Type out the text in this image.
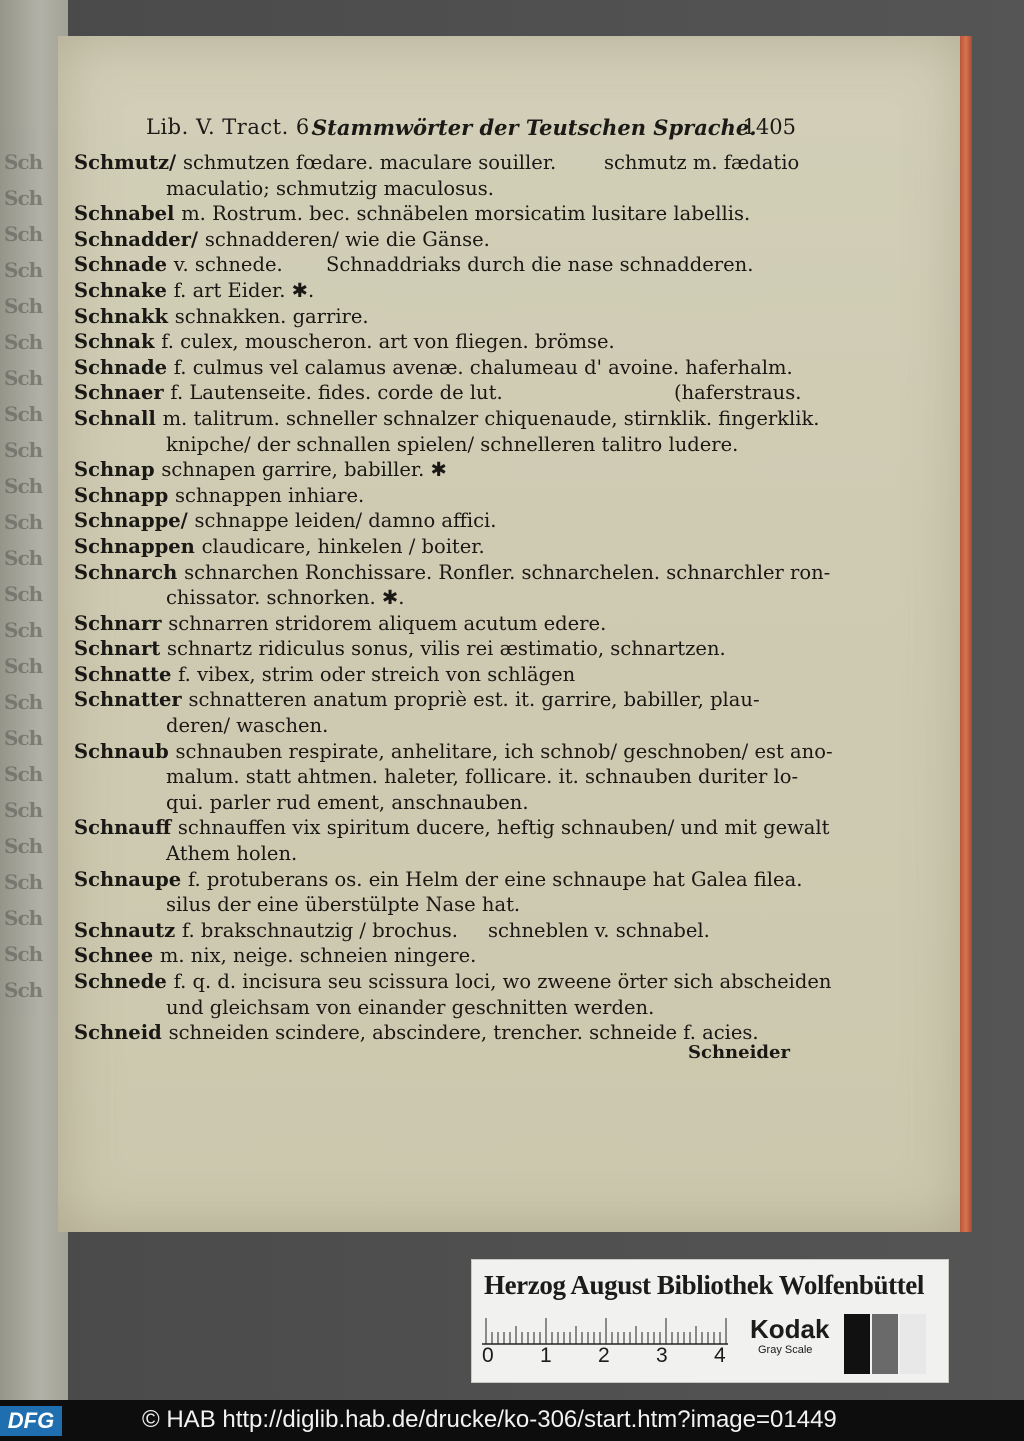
Sch
Sch
Sch
Sch
Sch
Sch
Sch
Sch
Sch
Sch
Sch
Sch
Sch
Sch
Sch
Sch
Sch
Sch
Sch
Sch
Sch
Sch
Sch
Sch
Lib. V. Tract. 6.
Stammwörter der Teutschen Sprache.
1405
Schmutz/ schmutzen fœdare. maculare souiller. schmutz m. fædatio
maculatio; schmutzig maculosus.
Schnabel m. Rostrum. bec. schnäbelen morsicatim lusitare labellis.
Schnadder/ schnadderen/ wie die Gänse.
Schnade v. schnede. Schnaddriaks durch die nase schnadderen.
Schnake f. art Eider. ✱.
Schnakk schnakken. garrire.
Schnak f. culex, mouscheron. art von fliegen. brömse.
Schnade f. culmus vel calamus avenæ. chalumeau d' avoine. haferhalm.
Schnaer f. Lautenseite. fides. corde de lut.	(haferstraus.
Schnall m. talitrum. schneller schnalzer chiquenaude, stirnklik. fingerklik.
knipche/ der schnallen spielen/ schnelleren talitro ludere.
Schnap schnapen garrire, babiller. ✱
Schnapp schnappen inhiare.
Schnappe/ schnappe leiden/ damno affici.
Schnappen claudicare, hinkelen / boiter.
Schnarch schnarchen Ronchissare. Ronfler. schnarchelen. schnarchler ron-
chissator. schnorken. ✱.
Schnarr schnarren stridorem aliquem acutum edere.
Schnart schnartz ridiculus sonus, vilis rei æstimatio, schnartzen.
Schnatte f. vibex, strim oder streich von schlägen
Schnatter schnatteren anatum propriè est. it. garrire, babiller, plau-
deren/ waschen.
Schnaub schnauben respirate, anhelitare, ich schnob/ geschnoben/ est ano-
malum. statt ahtmen. haleter, follicare. it. schnauben duriter lo-
qui. parler rud ement, anschnauben.
Schnauff schnauffen vix spiritum ducere, heftig schnauben/ und mit gewalt
Athem holen.
Schnaupe f. protuberans os. ein Helm der eine schnaupe hat Galea filea.
silus der eine überstülpte Nase hat.
Schnautz f. brakschnautzig / brochus. schneblen v. schnabel.
Schnee m. nix, neige. schneien ningere.
Schnede f. q. d. incisura seu scissura loci, wo zweene örter sich abscheiden
und gleichsam von einander geschnitten werden.
Schneid schneiden scindere, abscindere, trencher. schneide f. acies.
Schneider
Herzog August Bibliothek Wolfenbüttel
0 1 2 3 4
Kodak
Gray Scale
DFG	© HAB http://diglib.hab.de/drucke/ko-306/start.htm?image=01449
